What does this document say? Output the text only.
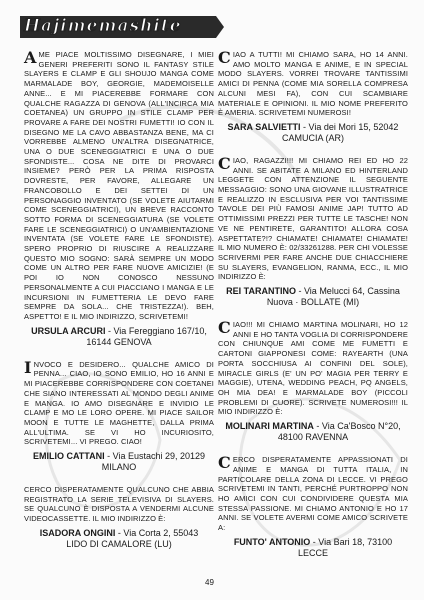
Hajimemashite

AME PIACE MOLTISSIMO DISEGNARE, I MIEI GENERI PREFERITI SONO IL FANTASY STILE SLAYERS E CLAMP E GLI SHOUJO MANGA COME MARMALADE BOY, GEORGIE, MADEMOISELLE ANNE... E MI PIACEREBBE FORMARE CON QUALCHE RAGAZZA DI GENOVA (ALL'INCIRCA MIA COETANEA) UN GRUPPO IN STILE CLAMP PER PROVARE A FARE DEI NOSTRI FUMETTI! IO CON IL DISEGNO ME LA CAVO ABBASTANZA BENE, MA CI VORREBBE ALMENO UN'ALTRA DISEGNATRICE, UNA O DUE SCENEGGIATRICI E UNA O DUE SFONDISTE... COSA NE DITE DI PROVARCI INSIEME? PERÒ PER LA PRIMA RISPOSTA DOVRESTE, PER FAVORE, ALLEGARE UN FRANCOBOLLO E DEI SETTEI DI UN PERSONAGGIO INVENTATO (SE VOLETE AIUTARMI COME SCENEGGIATRICI), UN BREVE RACCONTO SOTTO FORMA DI SCENEGGIATURA (SE VOLETE FARE LE SCENEGGIATRICI) O UN'AMBIENTAZIONE INVENTATA (SE VOLETE FARE LE SFONDISTE). SPERO PROPRIO DI RIUSCIRE A REALIZZARE QUESTO MIO SOGNO: SARÀ SEMPRE UN MODO COME UN ALTRO PER FARE NUOVE AMICIZIE! (E POI IO NON CONOSCO NESSUNO PERSONALMENTE A CUI PIACCIANO I MANGA E LE INCURSIONI IN FUMETTERIA LE DEVO FARE SEMPRE DA SOLA... CHE TRISTEZZA!). BEH, ASPETTO! E IL MIO INDIRIZZO, SCRIVETEMI!

URSULA ARCURI - Via Fereggiano 167/10,
16144 GENOVA

INVOCO E DESIDERO... QUALCHE AMICO DI PENNA... CIAO, IO SONO EMILIO, HO 16 ANNI E MI PIACEREBBE CORRISPONDERE CON COETANEI CHE SIANO INTERESSATI AL MONDO DEGLI ANIME E MANGA. IO AMO DISEGNARE E INVIDIO LE CLAMP E MO LE LORO OPERE. MI PIACE SAILOR MOON E TUTTE LE MAGHETTE, DALLA PRIMA ALL'ULTIMA. SE VI HO INCURIOSITO, SCRIVETEMI... VI PREGO. CIAO!

EMILIO CATTANI - Via Eustachi 29, 20129
MILANO

CERCO DISPERATAMENTE QUALCUNO CHE ABBIA REGISTRATO LA SERIE TELEVISIVA DI SLAYERS. SE QUALCUNO È DISPOSTA A VENDERMI ALCUNE VIDEOCASSETTE. IL MIO INDIRIZZO È:

ISADORA ONGINI - Via Corta 2, 55043
LIDO DI CAMALORE (LU)

CIAO A TUTTI! MI CHIAMO SARA, HO 14 ANNI. AMO MOLTO MANGA E ANIME, E IN SPECIAL MODO SLAYERS. VORREI TROVARE TANTISSIMI AMICI DI PENNA (COME MIA SORELLA COMPRESA ALCUNI MESI FA), CON CUI SCAMBIARE MATERIALE E OPINIONI. IL MIO NOME PREFERITO È AMERIA. SCRIVETEMI NUMEROSI!

SARA SALVIETTI - Via dei Mori 15, 52042
CAMUCIA (AR)

CIAO, RAGAZZI!!! MI CHIAMO REI ED HO 22 ANNI. SE ABITATE A MILANO ED HINTERLAND LEGGETE CON ATTENZIONE IL SEGUENTE MESSAGGIO: SONO UNA GIOVANE ILLUSTRATRICE E REALIZZO IN ESCLUSIVA PER VOI TANTISSIME TAVOLE DEI PIÙ FAMOSI ANIME JAP! TUTTO AD OTTIMISSIMI PREZZI PER TUTTE LE TASCHE! NON VE NE PENTIRETE, GARANTITO! ALLORA COSA ASPETTATE?!? CHIAMATE! CHIAMATE! CHIAMATE! IL MIO NUMERO È: 02/33261288. PER CHI VOLESSE SCRIVERMI PER FARE ANCHE DUE CHIACCHIERE SU SLAYERS, EVANGELION, RANMA, ECC., IL MIO INDIRIZZO È:

REI TARANTINO - Via Melucci 64, Cassina
Nuova · BOLLATE (MI)

CIAO!!! MI CHIAMO MARTINA MOLINARI, HO 12 ANNI E HO TANTA VOGLIA DI CORRISPONDERE CON CHIUNQUE AMI COME ME FUMETTI E CARTONI GIAPPONESI COME: RAYEARTH (UNA PORTA SOCCHIUSA AI CONFINI DEL SOLE), MIRACLE GIRLS (E' UN PO' MAGIA PER TERRY E MAGGIE), UTENA, WEDDING PEACH, PQ ANGELS, OH MIA DEA! E MARMALADE BOY (PICCOLI PROBLEMI DI CUORE). SCRIVETE NUMEROSI!!! IL MIO INDIRIZZO È:

MOLINARI MARTINA - Via Ca'Bosco N°20,
48100 RAVENNA

CERCO DISPERATAMENTE APPASSIONATI DI ANIME E MANGA DI TUTTA ITALIA, IN PARTICOLARE DELLA ZONA DI LECCE. VI PREGO SCRIVETEMI IN TANTI, PERCHÉ PURTROPPO NON HO AMICI CON CUI CONDIVIDERE QUESTA MIA STESSA PASSIONE. MI CHIAMO ANTONIO E HO 17 ANNI. SE VOLETE AVERMI COME AMICO SCRIVETE A:

FUNTO' ANTONIO - Via Bari 18, 73100
LECCE

49
